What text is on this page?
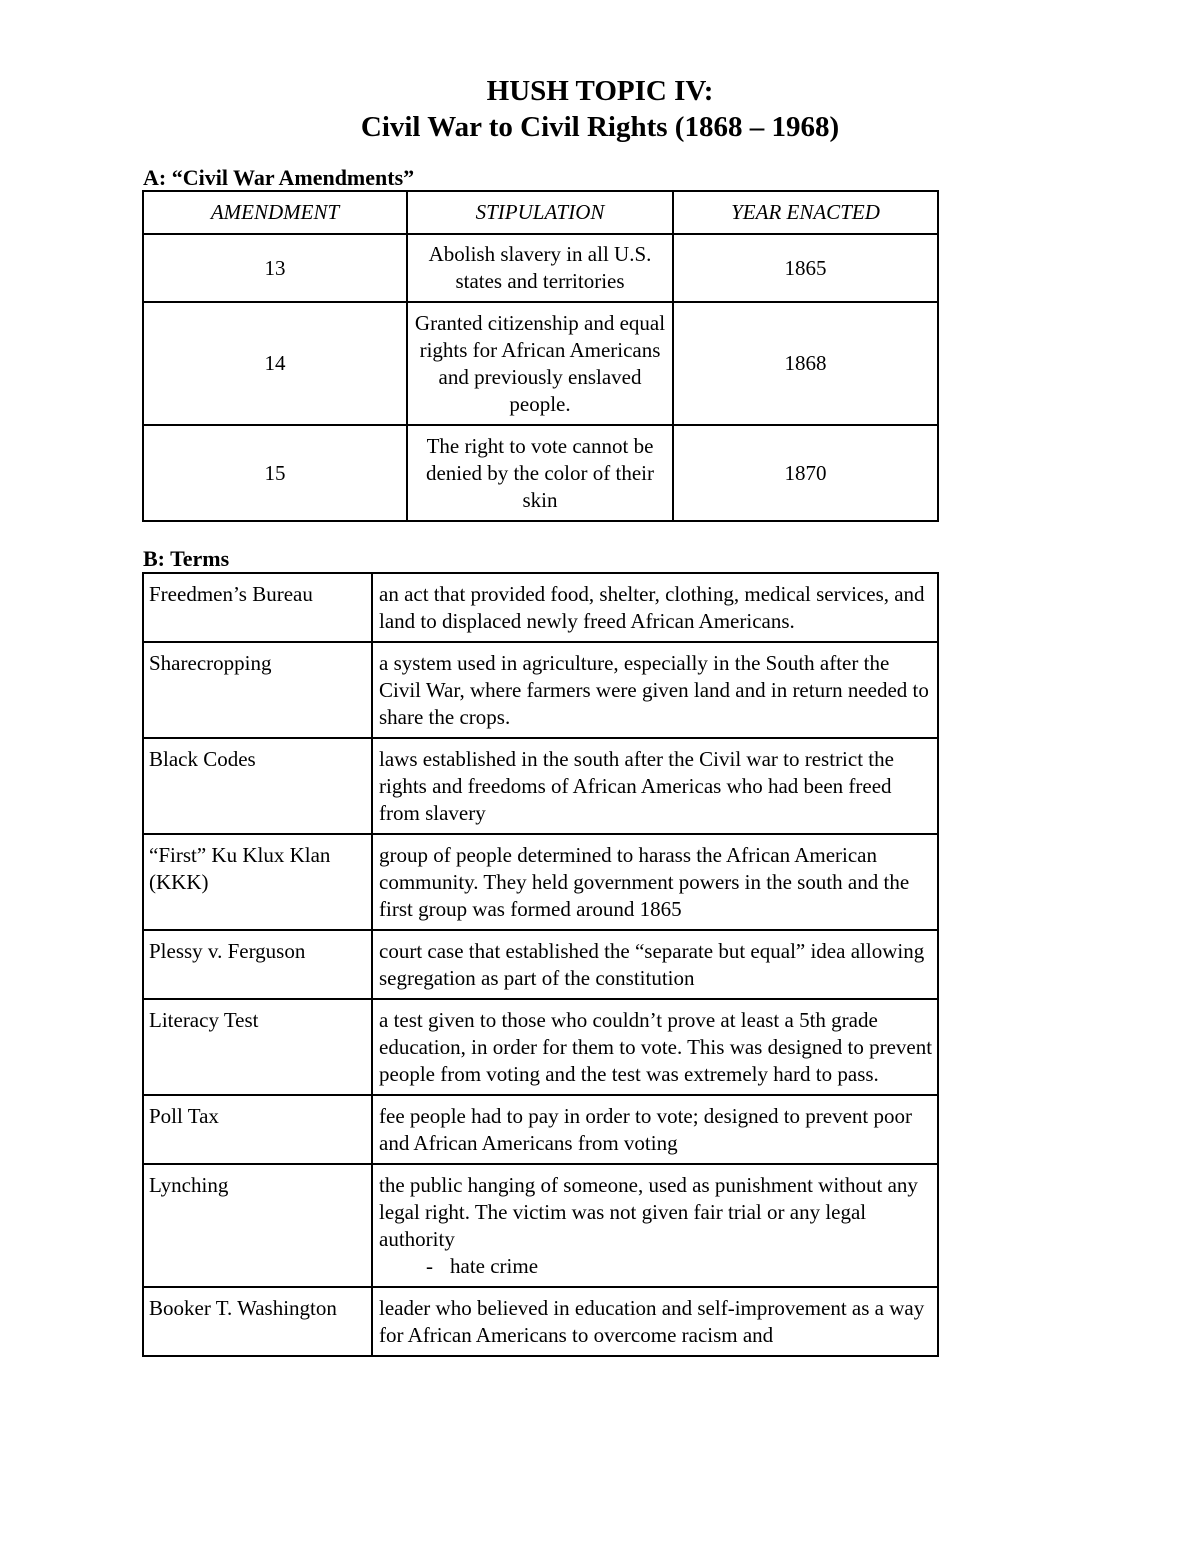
HUSH TOPIC IV:
Civil War to Civil Rights (1868 – 1968)
A: “Civil War Amendments”
AMENDMENT	STIPULATION	YEAR ENACTED
13	Abolish slavery in all U.S. states and territories	1865
14	Granted citizenship and equal rights for African Americans and previously enslaved people.	1868
15	The right to vote cannot be denied by the color of their skin	1870
B: Terms
Freedmen’s Bureau	an act that provided food, shelter, clothing, medical services, and land to displaced newly freed African Americans.
Sharecropping	a system used in agriculture, especially in the South after the Civil War, where farmers were given land and in return needed to share the crops.
Black Codes	laws established in the south after the Civil war to restrict the rights and freedoms of African Americas who had been freed from slavery
“First” Ku Klux Klan (KKK)	group of people determined to harass the African American community. They held government powers in the south and the first group was formed around 1865
Plessy v. Ferguson	court case that established the “separate but equal” idea allowing segregation as part of the constitution
Literacy Test	a test given to those who couldn’t prove at least a 5th grade education, in order for them to vote. This was designed to prevent people from voting and the test was extremely hard to pass.
Poll Tax	fee people had to pay in order to vote; designed to prevent poor and African Americans from voting
Lynching	the public hanging of someone, used as punishment without any legal right. The victim was not given fair trial or any legal authority
- hate crime

Booker T. Washington	leader who believed in education and self-improvement as a way for African Americans to overcome racism and
